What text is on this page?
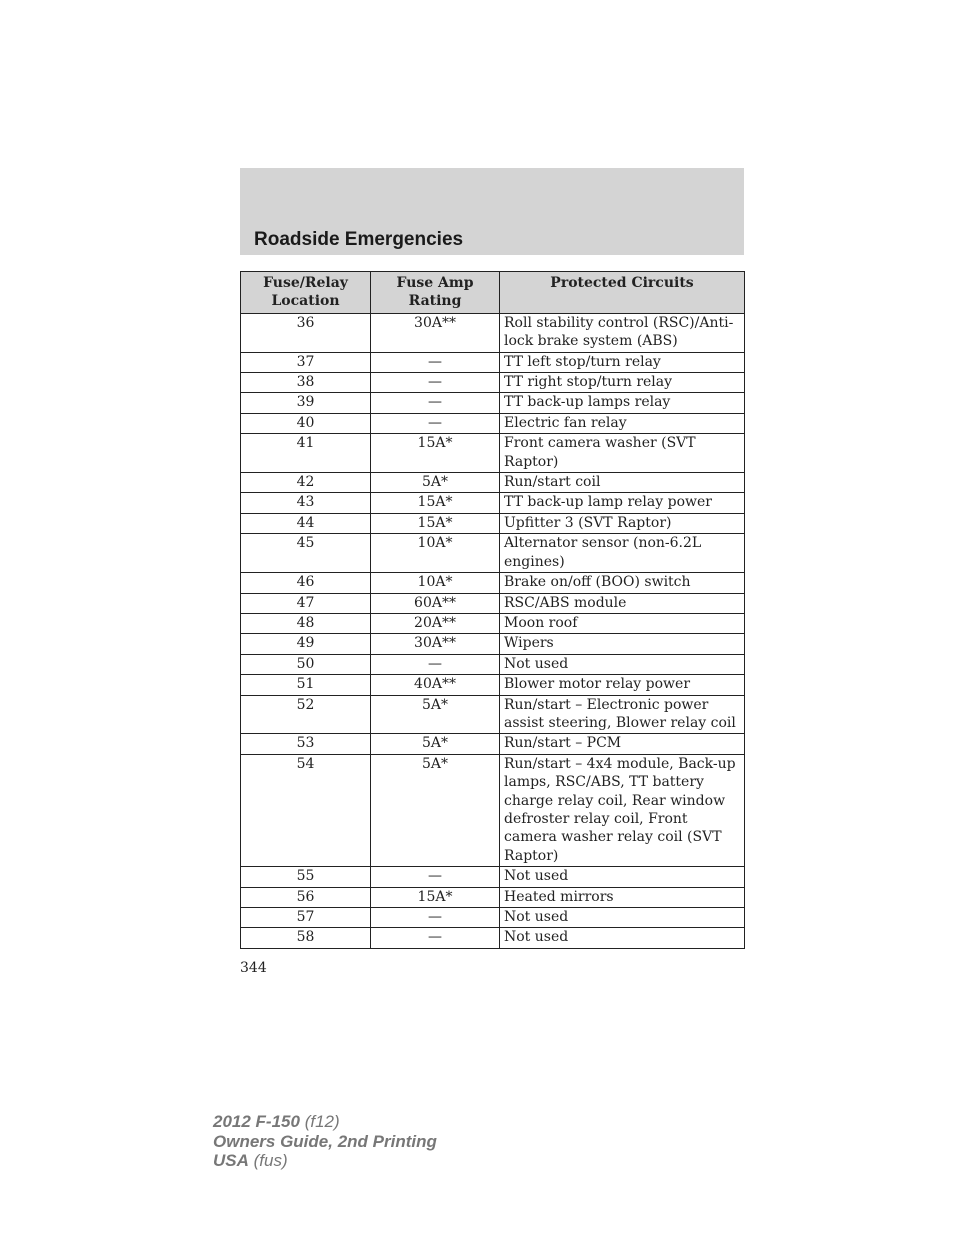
Roadside Emergencies
Fuse/Relay Location	Fuse Amp Rating	Protected Circuits
36	30A**	Roll stability control (RSC)/Anti-lock brake system (ABS)
37	—	TT left stop/turn relay
38	—	TT right stop/turn relay
39	—	TT back-up lamps relay
40	—	Electric fan relay
41	15A*	Front camera washer (SVT Raptor)
42	5A*	Run/start coil
43	15A*	TT back-up lamp relay power
44	15A*	Upfitter 3 (SVT Raptor)
45	10A*	Alternator sensor (non-6.2L engines)
46	10A*	Brake on/off (BOO) switch
47	60A**	RSC/ABS module
48	20A**	Moon roof
49	30A**	Wipers
50	—	Not used
51	40A**	Blower motor relay power
52	5A*	Run/start – Electronic power assist steering, Blower relay coil
53	5A*	Run/start – PCM
54	5A*	Run/start – 4x4 module, Back-up lamps, RSC/ABS, TT battery charge relay coil, Rear window defroster relay coil, Front camera washer relay coil (SVT Raptor)
55	—	Not used
56	15A*	Heated mirrors
57	—	Not used
58	—	Not used
344
2012 F-150 (f12)
Owners Guide, 2nd Printing
USA (fus)
